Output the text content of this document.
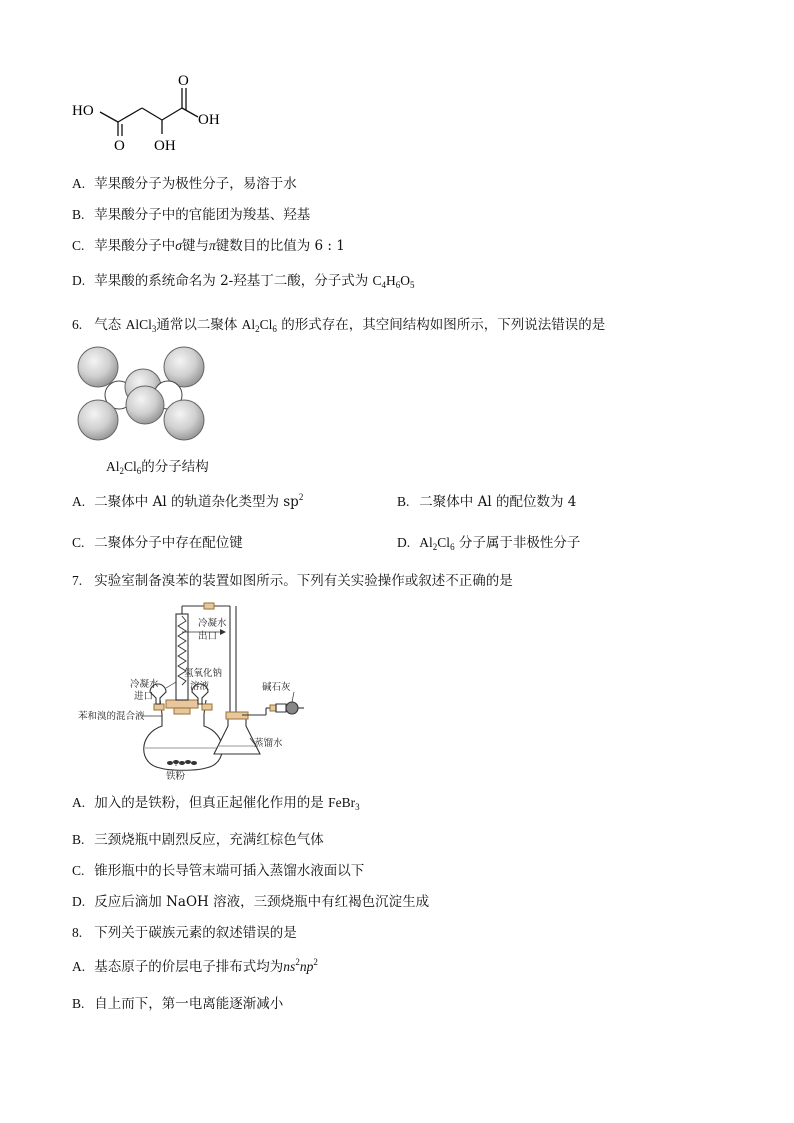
HO
O
OH
O OH
A. 苹果酸分子为极性分子，易溶于水
B. 苹果酸分子中的官能团为羧基、羟基
C. 苹果酸分子中σ键与π键数目的比值为 6 : 1
D. 苹果酸的系统命名为 2-羟基丁二酸，分子式为 $C_4H_6O_5$
6. 气态 AlCl$_3$通常以二聚体 $Al_2Cl_6$ 的形式存在，其空间结构如图所示，下列说法错误的是
$Al_2Cl_6$的分子结构
A. 二聚体中 Al 的轨道杂化类型为 $sp^2$	B. 二聚体中 Al 的配位数为 4
C. 二聚体分子中存在配位键	D. $Al_2Cl_6$ 分子属于非极性分子
7. 实验室制备溴苯的装置如图所示。下列有关实验操作或叙述不正确的是
冷凝水
出口
冷凝水
进口
氢氧化钠
溶液
苯和溴的混合液
铁粉
碱石灰
蒸馏水
A. 加入的是铁粉，但真正起催化作用的是 FeBr$_3$
B. 三颈烧瓶中剧烈反应，充满红棕色气体
C. 锥形瓶中的长导管末端可插入蒸馏水液面以下
D. 反应后滴加 NaOH 溶液，三颈烧瓶中有红褐色沉淀生成
8. 下列关于碳族元素的叙述错误的是
A. 基态原子的价层电子排布式均为$ns^2np^2$
B. 自上而下，第一电离能逐渐减小
